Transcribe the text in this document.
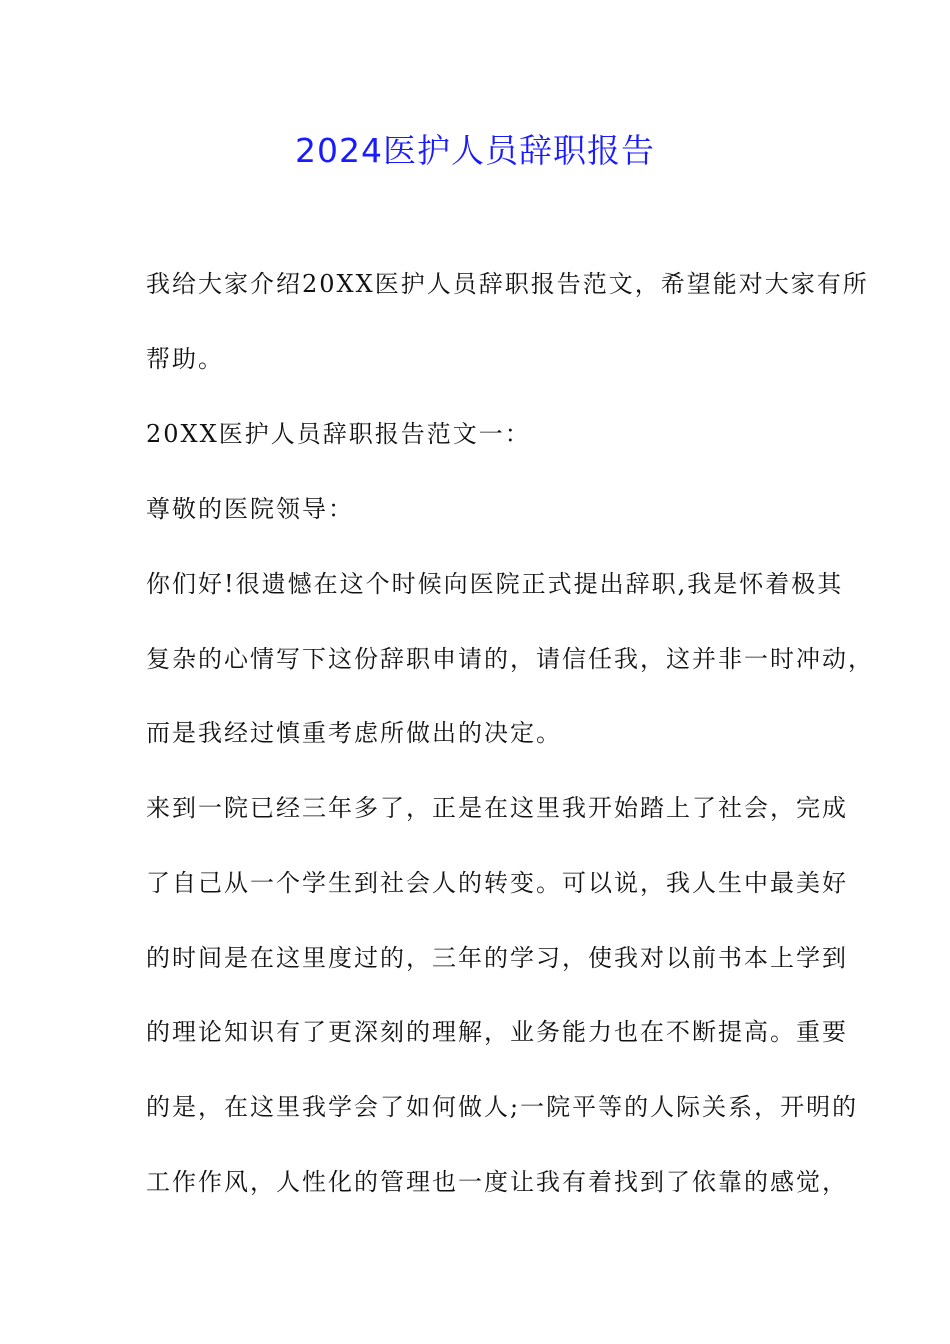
2024医护人员辞职报告

我给大家介绍20XX医护人员辞职报告范文，希望能对大家有所

帮助。

20XX医护人员辞职报告范文一：

尊敬的医院领导：

你们好!很遗憾在这个时候向医院正式提出辞职,我是怀着极其

复杂的心情写下这份辞职申请的，请信任我，这并非一时冲动，

而是我经过慎重考虑所做出的决定。

来到一院已经三年多了，正是在这里我开始踏上了社会，完成

了自己从一个学生到社会人的转变。可以说，我人生中最美好

的时间是在这里度过的，三年的学习，使我对以前书本上学到

的理论知识有了更深刻的理解，业务能力也在不断提高。重要

的是，在这里我学会了如何做人;一院平等的人际关系，开明的

工作作风，人性化的管理也一度让我有着找到了依靠的感觉，
